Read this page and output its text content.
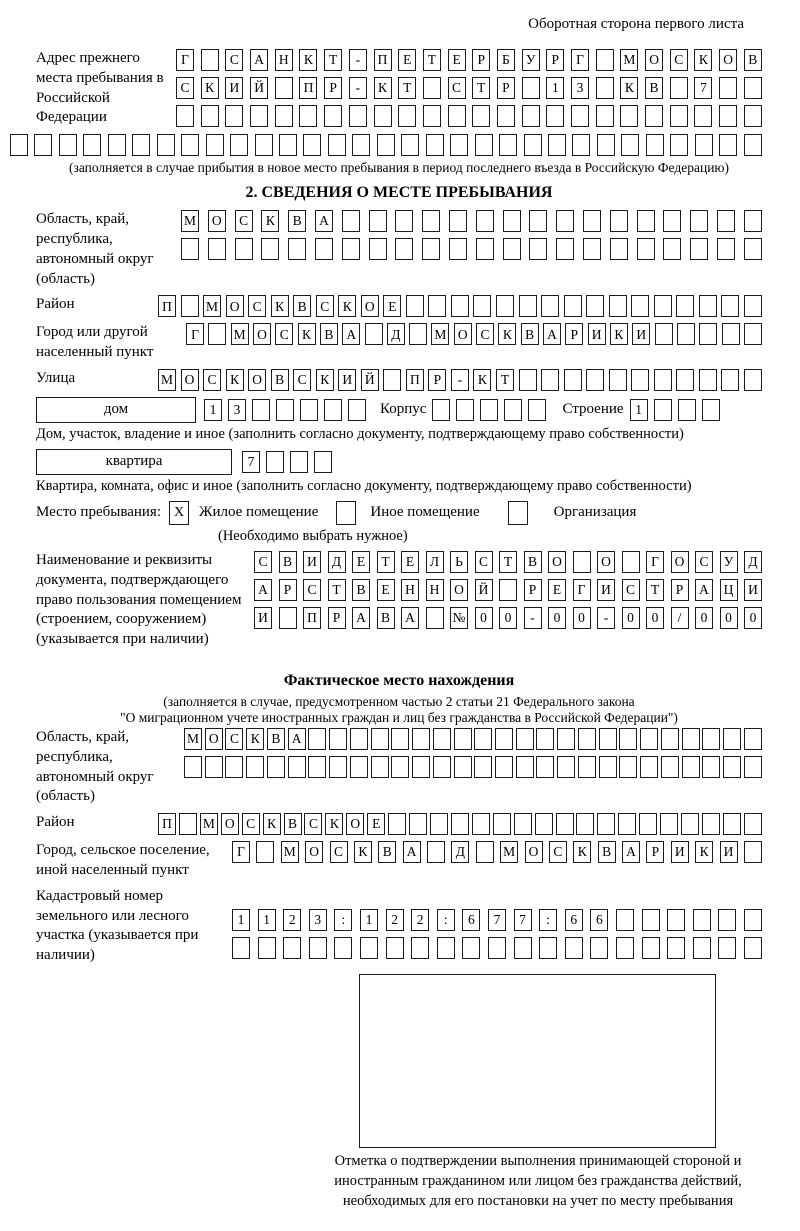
Оборотная сторона первого листа
Адрес прежнего места пребывания в Российской Федерации
Г	С	А	Н	К	Т	-	П	Е	Т	Е	Р	Б	У	Р	Г	М	О	С	К	О	В
С	К	И	Й	П	Р	-	К	Т	С	Т	Р	1	3	К	В	7
(заполняется в случае прибытия в новое место пребывания в период последнего въезда в Российскую Федерацию)
2. СВЕДЕНИЯ О МЕСТЕ ПРЕБЫВАНИЯ
Область, край, республика, автономный округ (область)
М	О	С	К	В	А
Район	П	М О С	К	В	С	К О	Е
Город или другой населенный пункт
Г	М О С К В А	Д	М О С К В А	Р	И К И
Улица	М О С	К О В	С	К И Й	П	Р	-	К	Т
дом	1	3	Корпус	Строение 1
Дом, участок, владение и иное (заполнить согласно документу, подтверждающему право собственности)
квартира	7
Квартира, комната, офис и иное (заполнить согласно документу, подтверждающему право собственности)
Место пребывания: X Жилое помещение	Иное помещение	Организация
(Необходимо выбрать нужное)
Наименование и реквизиты документа, подтверждающего право пользования помещением (строением, сооружением) (указывается при наличии)
С	В	И	Д	Е	Т	Е	Л	Ь	С	Т	В	О	О	Г	О	С	У	Д
А	Р	С	Т	В	Е	Н	Н	О	Й	Р	Е	Г	И	С	Т	Р	А	Ц	И
И	П	Р	А	В	А	№	0	0	-	0	0	-	0	0	/	0	0	0
Фактическое место нахождения
(заполняется в случае, предусмотренном частью 2 статьи 21 Федерального закона
"О миграционном учете иностранных граждан и лиц без гражданства в Российской Федерации")
Область, край, республика, автономный округ (область)
М О С К В А
Район	П	М О С К В С К О Е
Город, сельское поселение, иной населенный пункт
Г	М	О	С	К	В	А	Д	М	О	С	К	В	А	Р	И	К	И
Кадастровый номер земельного или лесного участка (указывается при наличии)
1	1	2	3	:	1	2	2	:	6	7	7	:	6	6
Отметка о подтверждении выполнения принимающей стороной и иностранным гражданином или лицом без гражданства действий, необходимых для его постановки на учет по месту пребывания
